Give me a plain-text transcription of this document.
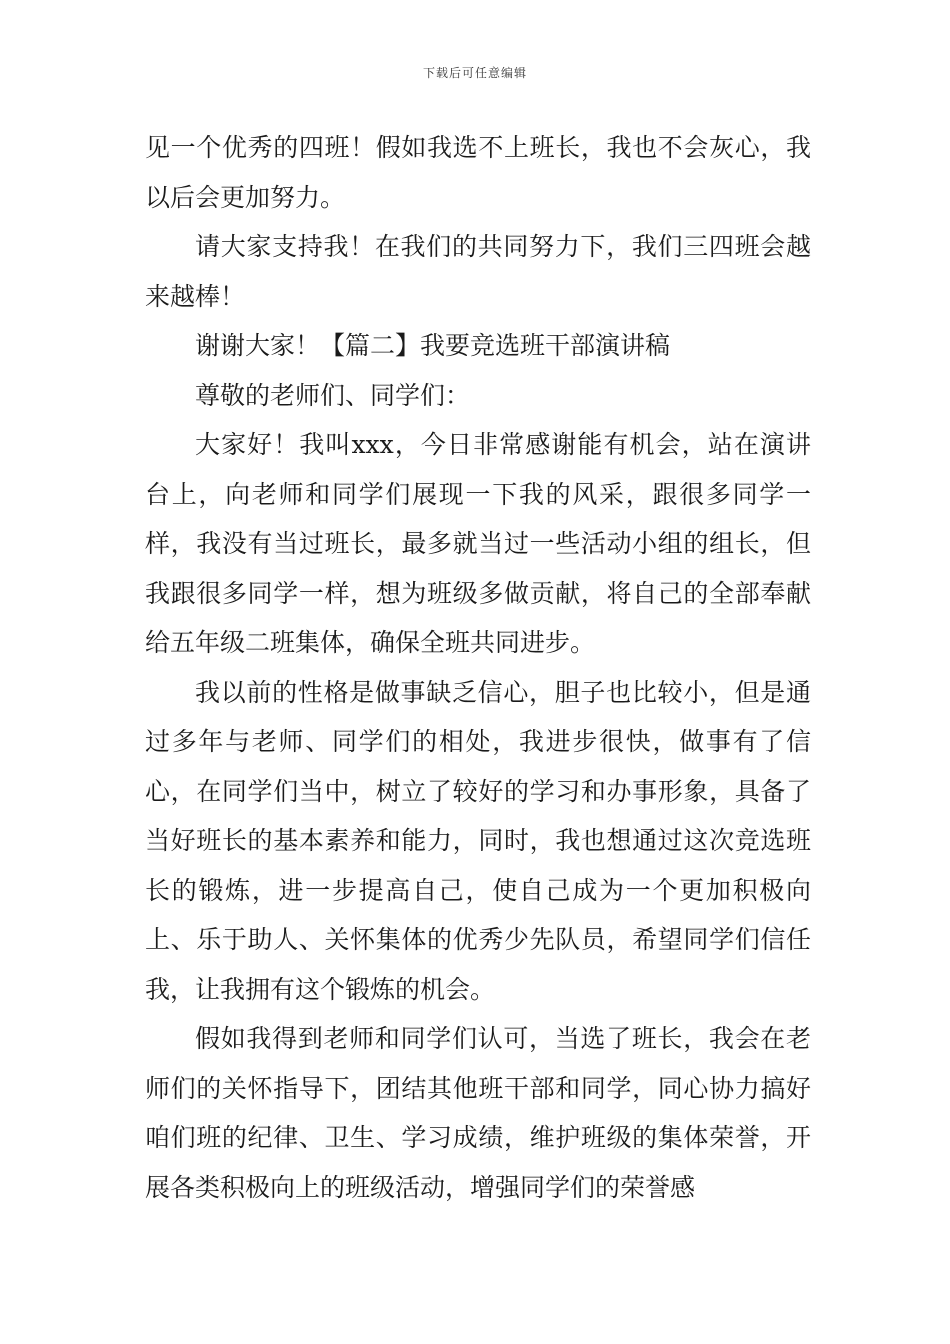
下载后可任意编辑

见一个优秀的四班！假如我选不上班长，我也不会灰心，我以后会更加努力。

请大家支持我！在我们的共同努力下，我们三四班会越来越棒！

谢谢大家！【篇二】我要竞选班干部演讲稿

尊敬的老师们、同学们：

大家好！我叫xxx，今日非常感谢能有机会，站在演讲台上，向老师和同学们展现一下我的风采，跟很多同学一样，我没有当过班长，最多就当过一些活动小组的组长，但我跟很多同学一样，想为班级多做贡献，将自己的全部奉献给五年级二班集体，确保全班共同进步。

我以前的性格是做事缺乏信心，胆子也比较小，但是通过多年与老师、同学们的相处，我进步很快，做事有了信心，在同学们当中，树立了较好的学习和办事形象，具备了当好班长的基本素养和能力，同时，我也想通过这次竞选班长的锻炼，进一步提高自己，使自己成为一个更加积极向上、乐于助人、关怀集体的优秀少先队员，希望同学们信任我，让我拥有这个锻炼的机会。

假如我得到老师和同学们认可，当选了班长，我会在老师们的关怀指导下，团结其他班干部和同学，同心协力搞好咱们班的纪律、卫生、学习成绩，维护班级的集体荣誉，开展各类积极向上的班级活动，增强同学们的荣誉感
